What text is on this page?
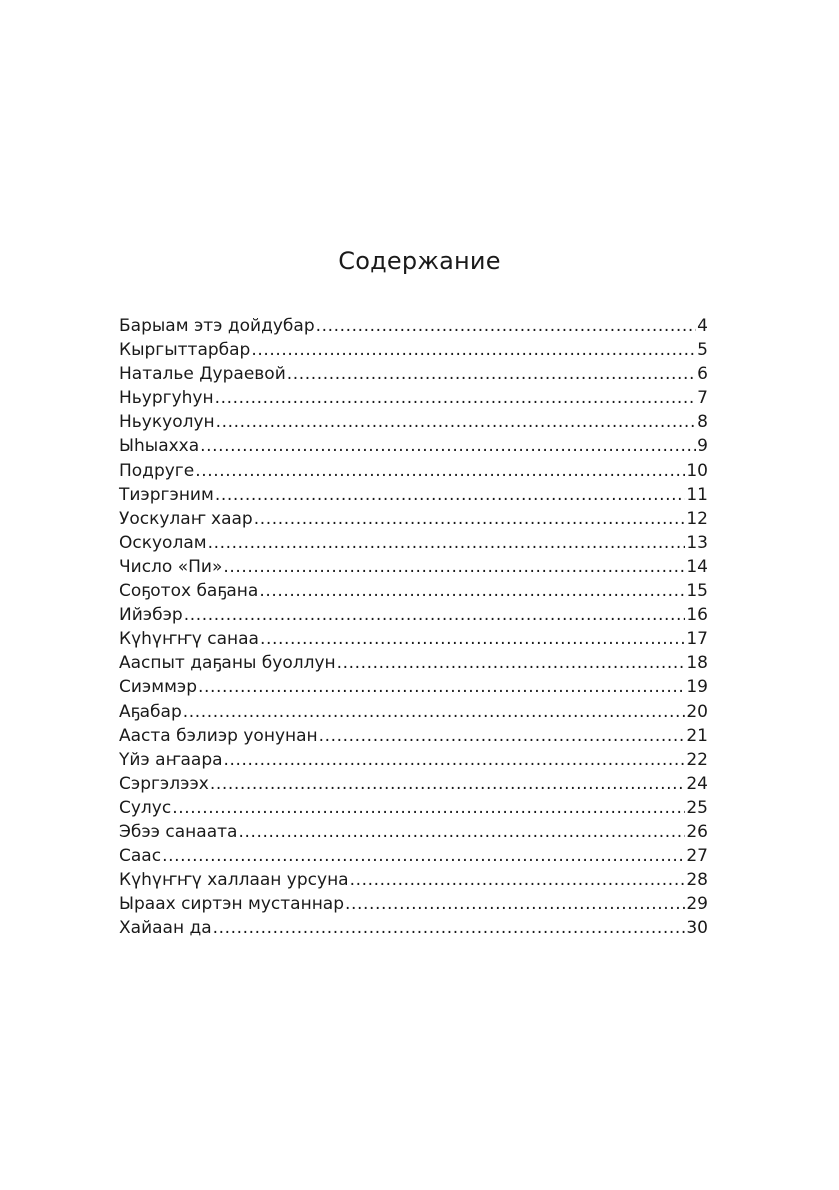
Содержание
Барыам этэ дойдубар .....	4
Кыргыттарбар .....	5
Наталье Дураевой .....	6
Ньургуһун .....	7
Ньукуолун .....	8
Ыһыахха .....	9
Подруге .....	10
Тиэргэним .....	11
Уоскулаҥ хаар .....	12
Оскуолам .....	13
Число «Пи» .....	14
Соҕотох баҕана .....	15
Ийэбэр .....	16
Күһүҥҥү санаа .....	17
Ааспыт даҕаны буоллун .....	18
Сиэммэр .....	19
Аҕабар .....	20
Ааста бэлиэр уонунан .....	21
Үйэ аҥаара .....	22
Сэргэлээх .....	24
Сулус .....	25
Эбээ санаата .....	26
Саас .....	27
Күһүҥҥү халлаан урсуна .....	28
Ыраах сиртэн мустаннар .....	29
Хайаан да .....	30
